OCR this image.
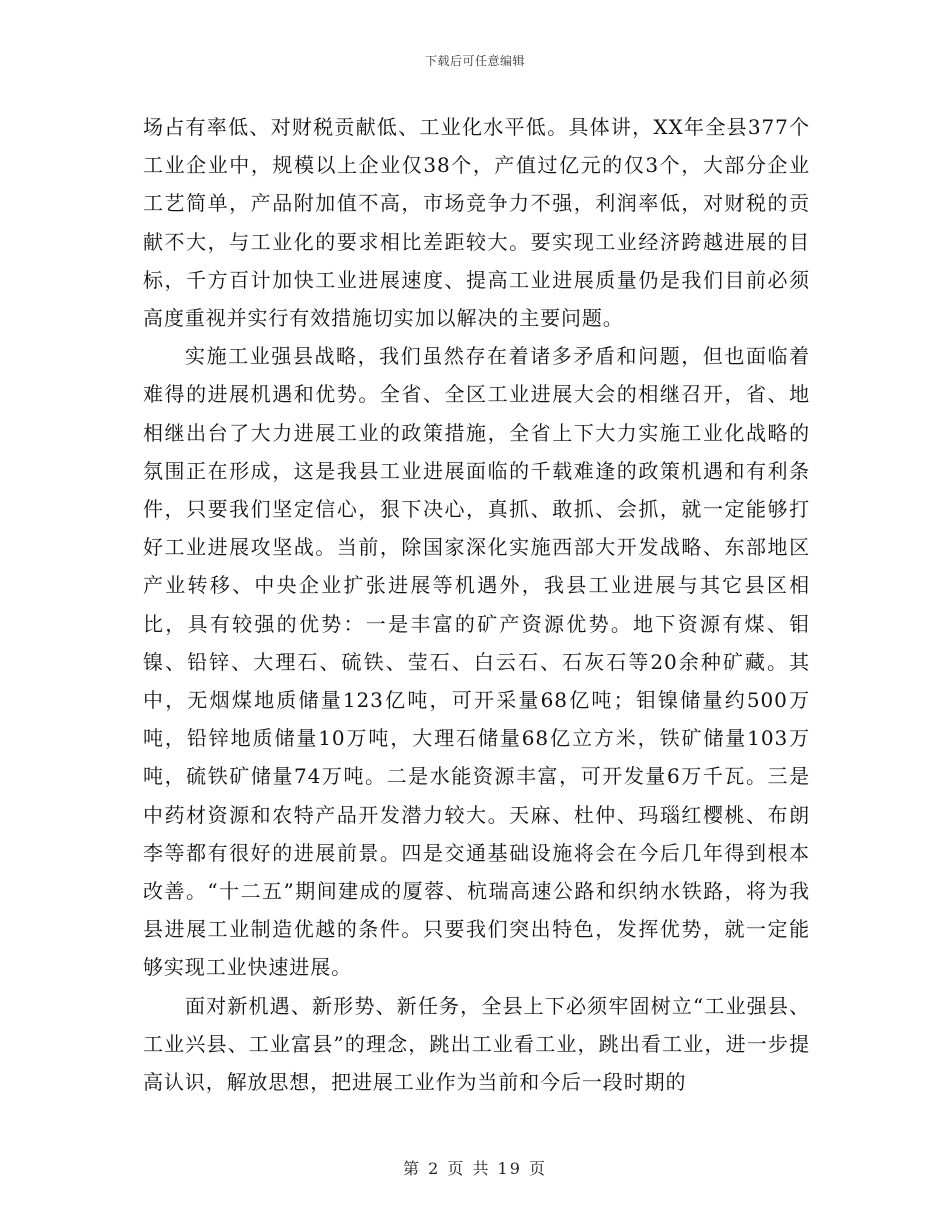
下载后可任意编辑

场占有率低、对财税贡献低、工业化水平低。具体讲，XX年全县377个工业企业中，规模以上企业仅38个，产值过亿元的仅3个，大部分企业工艺简单，产品附加值不高，市场竞争力不强，利润率低，对财税的贡献不大，与工业化的要求相比差距较大。要实现工业经济跨越进展的目标，千方百计加快工业进展速度、提高工业进展质量仍是我们目前必须高度重视并实行有效措施切实加以解决的主要问题。

实施工业强县战略，我们虽然存在着诸多矛盾和问题，但也面临着难得的进展机遇和优势。全省、全区工业进展大会的相继召开，省、地相继出台了大力进展工业的政策措施，全省上下大力实施工业化战略的氛围正在形成，这是我县工业进展面临的千载难逢的政策机遇和有利条件，只要我们坚定信心，狠下决心，真抓、敢抓、会抓，就一定能够打好工业进展攻坚战。当前，除国家深化实施西部大开发战略、东部地区产业转移、中央企业扩张进展等机遇外，我县工业进展与其它县区相比，具有较强的优势：一是丰富的矿产资源优势。地下资源有煤、钼镍、铅锌、大理石、硫铁、莹石、白云石、石灰石等20余种矿藏。其中，无烟煤地质储量123亿吨，可开采量68亿吨；钼镍储量约500万吨，铅锌地质储量10万吨，大理石储量68亿立方米，铁矿储量103万吨，硫铁矿储量74万吨。二是水能资源丰富，可开发量6万千瓦。三是中药材资源和农特产品开发潜力较大。天麻、杜仲、玛瑙红樱桃、布朗李等都有很好的进展前景。四是交通基础设施将会在今后几年得到根本改善。“十二五”期间建成的厦蓉、杭瑞高速公路和织纳水铁路，将为我县进展工业制造优越的条件。只要我们突出特色，发挥优势，就一定能够实现工业快速进展。

面对新机遇、新形势、新任务，全县上下必须牢固树立“工业强县、工业兴县、工业富县”的理念，跳出工业看工业，跳出看工业，进一步提高认识，解放思想，把进展工业作为当前和今后一段时期的

第 2 页 共 19 页
